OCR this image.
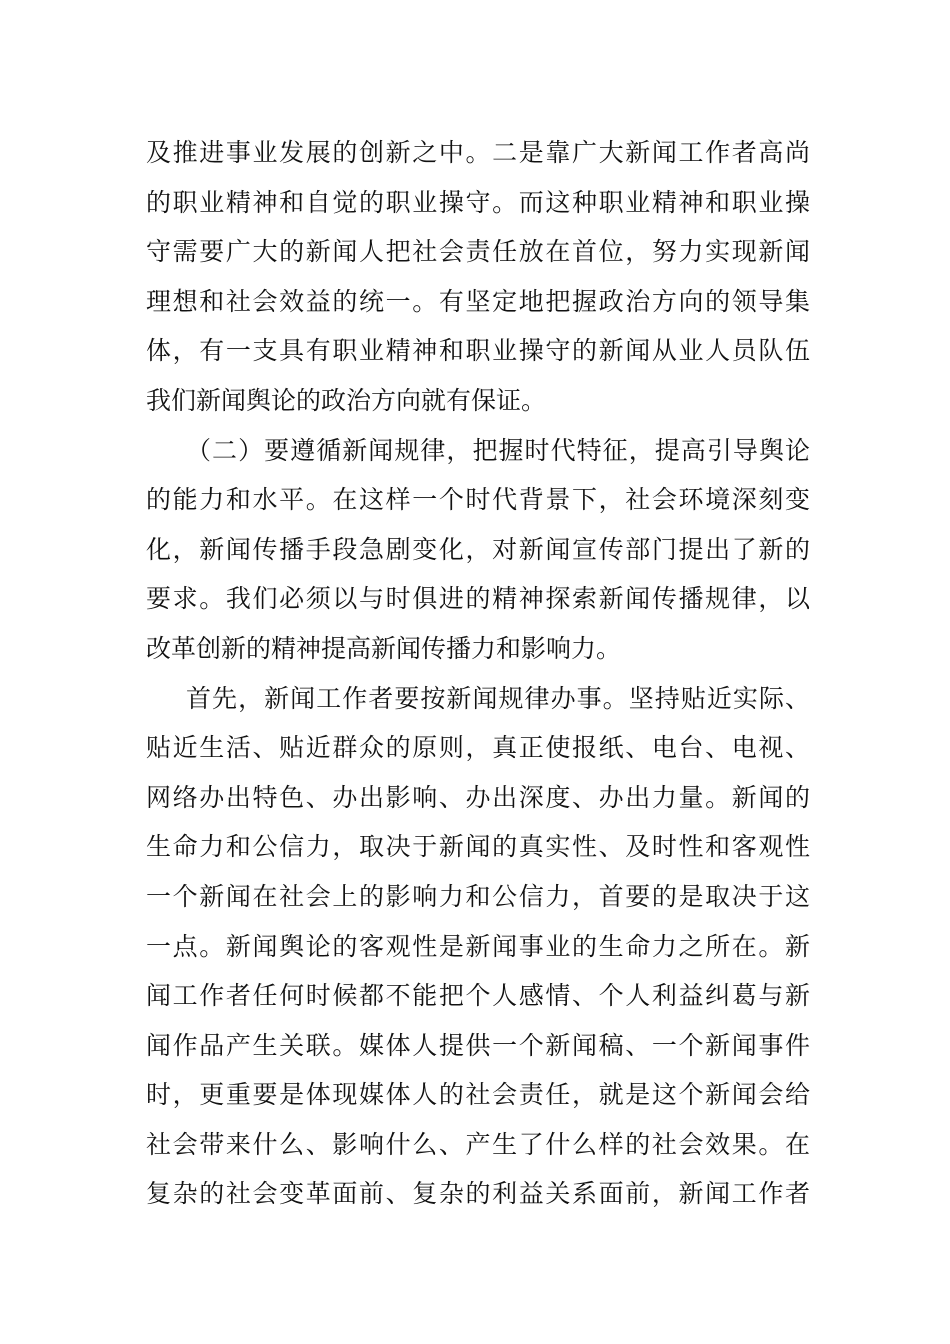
及推进事业发展的创新之中。二是靠广大新闻工作者高尚
的职业精神和自觉的职业操守。而这种职业精神和职业操
守需要广大的新闻人把社会责任放在首位，努力实现新闻
理想和社会效益的统一。有坚定地把握政治方向的领导集
体，有一支具有职业精神和职业操守的新闻从业人员队伍
我们新闻舆论的政治方向就有保证。
（二）要遵循新闻规律，把握时代特征，提高引导舆论
的能力和水平。在这样一个时代背景下，社会环境深刻变
化，新闻传播手段急剧变化，对新闻宣传部门提出了新的
要求。我们必须以与时俱进的精神探索新闻传播规律，以
改革创新的精神提高新闻传播力和影响力。
首先，新闻工作者要按新闻规律办事。坚持贴近实际、
贴近生活、贴近群众的原则，真正使报纸、电台、电视、
网络办出特色、办出影响、办出深度、办出力量。新闻的
生命力和公信力，取决于新闻的真实性、及时性和客观性
一个新闻在社会上的影响力和公信力，首要的是取决于这
一点。新闻舆论的客观性是新闻事业的生命力之所在。新
闻工作者任何时候都不能把个人感情、个人利益纠葛与新
闻作品产生关联。媒体人提供一个新闻稿、一个新闻事件
时，更重要是体现媒体人的社会责任，就是这个新闻会给
社会带来什么、影响什么、产生了什么样的社会效果。在
复杂的社会变革面前、复杂的利益关系面前，新闻工作者
